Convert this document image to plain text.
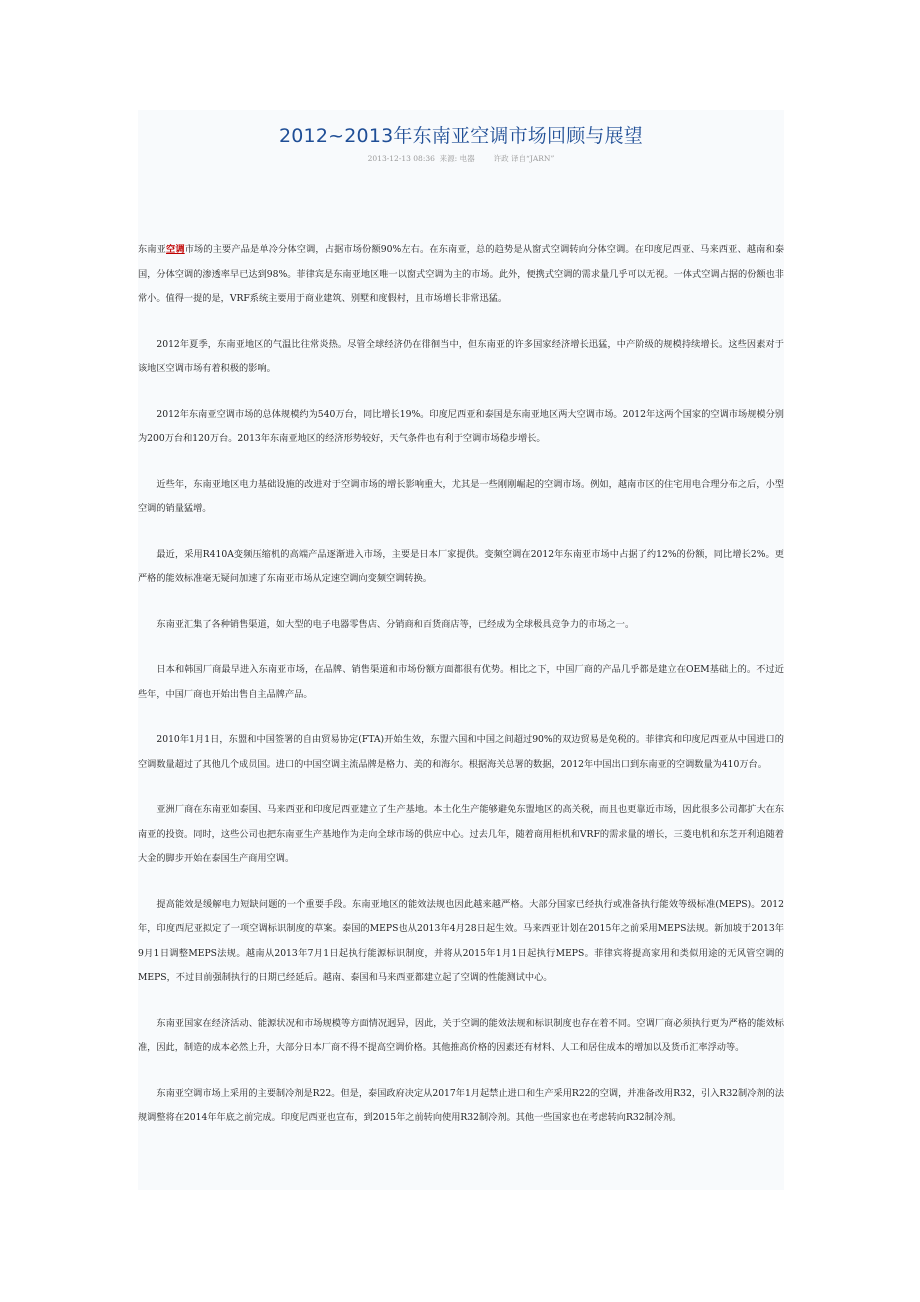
2012~2013年东南亚空调市场回顾与展望
2013-12-13 08:36  来源: 电器        许政 译自“JARN”

东南亚空调市场的主要产品是单冷分体空调，占据市场份额90%左右。在东南亚，总的趋势是从窗式空调转向分体空调。在印度尼西亚、马来西亚、越南和泰国，分体空调的渗透率早已达到98%。菲律宾是东南亚地区唯一以窗式空调为主的市场。此外，便携式空调的需求量几乎可以无视。一体式空调占据的份额也非常小。值得一提的是，VRF系统主要用于商业建筑、别墅和度假村，且市场增长非常迅猛。

2012年夏季，东南亚地区的气温比往常炎热。尽管全球经济仍在徘徊当中，但东南亚的许多国家经济增长迅猛，中产阶级的规模持续增长。这些因素对于该地区空调市场有着积极的影响。

2012年东南亚空调市场的总体规模约为540万台，同比增长19%。印度尼西亚和泰国是东南亚地区两大空调市场。2012年这两个国家的空调市场规模分别为200万台和120万台。2013年东南亚地区的经济形势较好，天气条件也有利于空调市场稳步增长。

近些年，东南亚地区电力基础设施的改进对于空调市场的增长影响重大，尤其是一些刚刚崛起的空调市场。例如，越南市区的住宅用电合理分布之后，小型空调的销量猛增。

最近，采用R410A变频压缩机的高端产品逐渐进入市场，主要是日本厂家提供。变频空调在2012年东南亚市场中占据了约12%的份额，同比增长2%。更严格的能效标准毫无疑问加速了东南亚市场从定速空调向变频空调转换。

东南亚汇集了各种销售渠道，如大型的电子电器零售店、分销商和百货商店等，已经成为全球极具竞争力的市场之一。

日本和韩国厂商最早进入东南亚市场，在品牌、销售渠道和市场份额方面都很有优势。相比之下，中国厂商的产品几乎都是建立在OEM基础上的。不过近些年，中国厂商也开始出售自主品牌产品。

2010年1月1日，东盟和中国签署的自由贸易协定(FTA)开始生效，东盟六国和中国之间超过90%的双边贸易是免税的。菲律宾和印度尼西亚从中国进口的空调数量超过了其他几个成员国。进口的中国空调主流品牌是格力、美的和海尔。根据海关总署的数据，2012年中国出口到东南亚的空调数量为410万台。

亚洲厂商在东南亚如泰国、马来西亚和印度尼西亚建立了生产基地。本土化生产能够避免东盟地区的高关税，而且也更靠近市场，因此很多公司都扩大在东南亚的投资。同时，这些公司也把东南亚生产基地作为走向全球市场的供应中心。过去几年，随着商用柜机和VRF的需求量的增长，三菱电机和东芝开利追随着大金的脚步开始在泰国生产商用空调。

提高能效是缓解电力短缺问题的一个重要手段。东南亚地区的能效法规也因此越来越严格。大部分国家已经执行或准备执行能效等级标准(MEPS)。2012年，印度西尼亚拟定了一项空调标识制度的草案。泰国的MEPS也从2013年4月28日起生效。马来西亚计划在2015年之前采用MEPS法规。新加坡于2013年9月1日调整MEPS法规。越南从2013年7月1日起执行能源标识制度，并将从2015年1月1日起执行MEPS。菲律宾将提高家用和类似用途的无风管空调的MEPS，不过目前强制执行的日期已经延后。越南、泰国和马来西亚都建立起了空调的性能测试中心。

东南亚国家在经济活动、能源状况和市场规模等方面情况迥异，因此，关于空调的能效法规和标识制度也存在着不同。空调厂商必须执行更为严格的能效标准，因此，制造的成本必然上升，大部分日本厂商不得不提高空调价格。其他推高价格的因素还有材料、人工和居住成本的增加以及货币汇率浮动等。

东南亚空调市场上采用的主要制冷剂是R22。但是，泰国政府决定从2017年1月起禁止进口和生产采用R22的空调，并准备改用R32，引入R32制冷剂的法规调整将在2014年年底之前完成。印度尼西亚也宣布，到2015年之前转向使用R32制冷剂。其他一些国家也在考虑转向R32制冷剂。
